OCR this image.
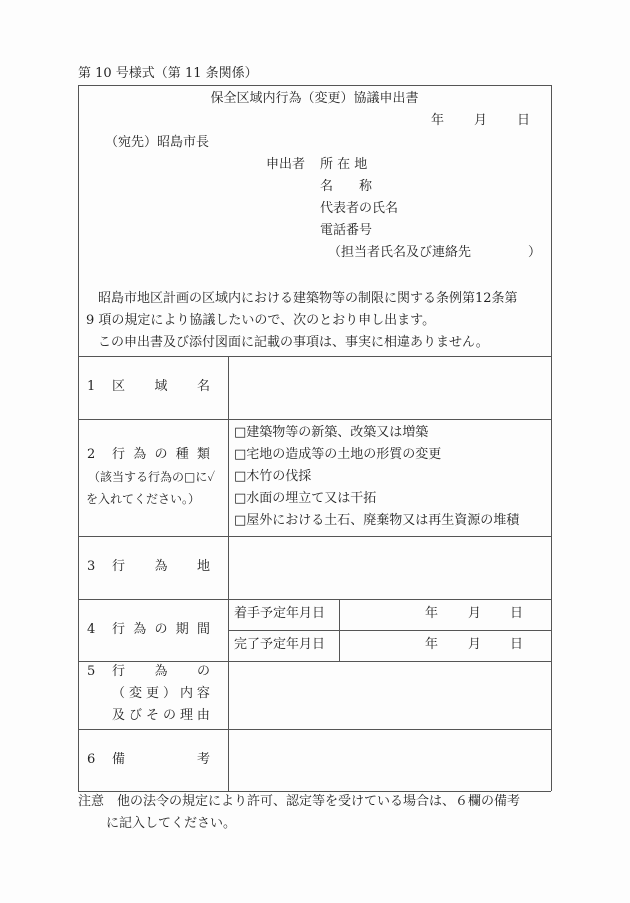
第 10 号様式（第 11 条関係）
保全区域内行為（変更）協議申出書
年 月 日
（宛先）昭島市長
申出者 所 在 地
名　　称
代表者の氏名
電話番号
（担当者氏名及び連絡先	）
昭島市地区計画の区域内における建築物等の制限に関する条例第12条第
9 項の規定により協議したいので、次のとおり申し出ます。
この申出書及び添付図面に記載の事項は、事実に相違ありません。
1 区 域 名
2 行 為 の 種 類
（該当する行為の□に✓
を入れてください。）
□建築物等の新築、改築又は増築
□宅地の造成等の土地の形質の変更
□木竹の伐採
□水面の埋立て又は干拓
□屋外における土石、廃棄物又は再生資源の堆積
3 行 為 地
4 行 為 の 期 間
着手予定年月日
完了予定年月日
年 月 日
年 月 日
5 行 為 の
（ 変 更 ） 内 容
及 び そ の 理 由
6 備	考
注意　他の法令の規定により許可、認定等を受けている場合は、６欄の備考
に記入してください。
